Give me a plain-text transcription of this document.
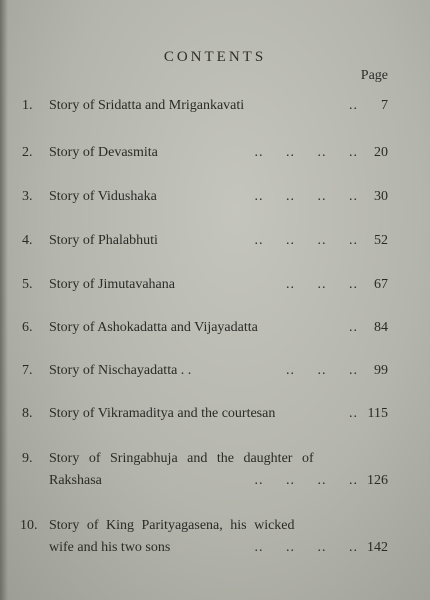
CONTENTS
Page
1.	Story of Sridatta and Mrigankavati	..	7
2.	Story of Devasmita	..     ..     ..     ..	20
3.	Story of Vidushaka	..     ..     ..     ..	30
4.	Story of Phalabhuti	..     ..     ..     ..	52
5.	Story of Jimutavahana	..     ..     ..	67
6.	Story of Ashokadatta and Vijayadatta	..	84
7.	Story of Nischayadatta . .	..     ..     ..	99
8.	Story of Vikramaditya and the courtesan	.. 115
9.	Story of Sringabhuja and the daughter of
Rakshasa	..     ..     ..     .. 126
10. Story of King Parityagasena, his wicked
wife and his two sons	..     ..     ..     .. 142
